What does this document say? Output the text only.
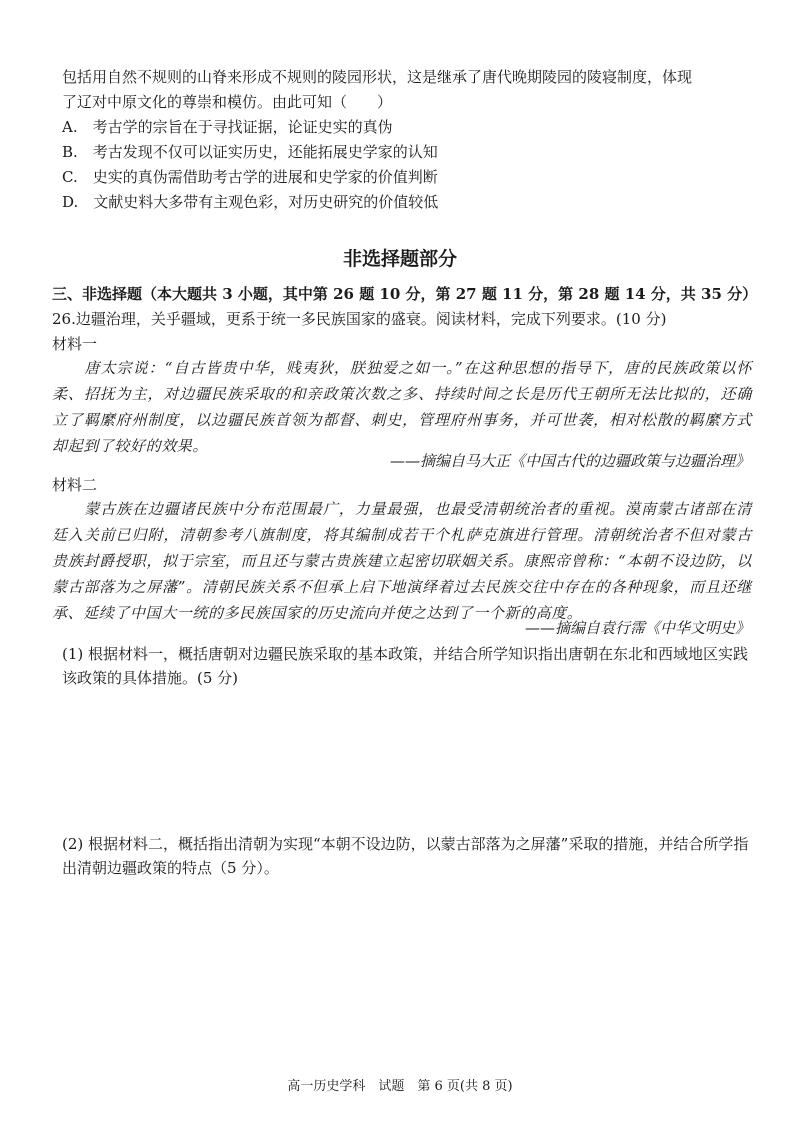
包括用自然不规则的山脊来形成不规则的陵园形状，这是继承了唐代晚期陵园的陵寝制度，体现
了辽对中原文化的尊崇和模仿。由此可知（　　）
A.　考古学的宗旨在于寻找证据，论证史实的真伪
B.　考古发现不仅可以证实历史，还能拓展史学家的认知
C.　史实的真伪需借助考古学的进展和史学家的价值判断
D.　文献史料大多带有主观色彩，对历史研究的价值较低
非选择题部分
三、非选择题（本大题共 3 小题，其中第 26 题 10 分，第 27 题 11 分，第 28 题 14 分，共 35 分）
26.边疆治理，关乎疆域，更系于统一多民族国家的盛衰。阅读材料，完成下列要求。(10 分)
材料一
唐太宗说：“自古皆贵中华，贱夷狄，朕独爱之如一。”在这种思想的指导下，唐的民族政策以怀柔、招抚为主，对边疆民族采取的和亲政策次数之多、持续时间之长是历代王朝所无法比拟的，还确立了羁縻府州制度，以边疆民族首领为都督、刺史，管理府州事务，并可世袭，相对松散的羁縻方式却起到了较好的效果。
——摘编自马大正《中国古代的边疆政策与边疆治理》
材料二
蒙古族在边疆诸民族中分布范围最广，力量最强，也最受清朝统治者的重视。漠南蒙古诸部在清廷入关前已归附，清朝参考八旗制度，将其编制成若干个札萨克旗进行管理。清朝统治者不但对蒙古贵族封爵授职，拟于宗室，而且还与蒙古贵族建立起密切联姻关系。康熙帝曾称：“本朝不设边防，以蒙古部落为之屏藩”。清朝民族关系不但承上启下地演绎着过去民族交往中存在的各种现象，而且还继承、延续了中国大一统的多民族国家的历史流向并使之达到了一个新的高度。
——摘编自袁行霈《中华文明史》
(1) 根据材料一，概括唐朝对边疆民族采取的基本政策，并结合所学知识指出唐朝在东北和西域地区实践该政策的具体措施。(5 分)
(2) 根据材料二，概括指出清朝为实现“本朝不设边防，以蒙古部落为之屏藩”采取的措施，并结合所学指出清朝边疆政策的特点（5 分）。
高一历史学科　试题　第 6 页(共 8 页)
